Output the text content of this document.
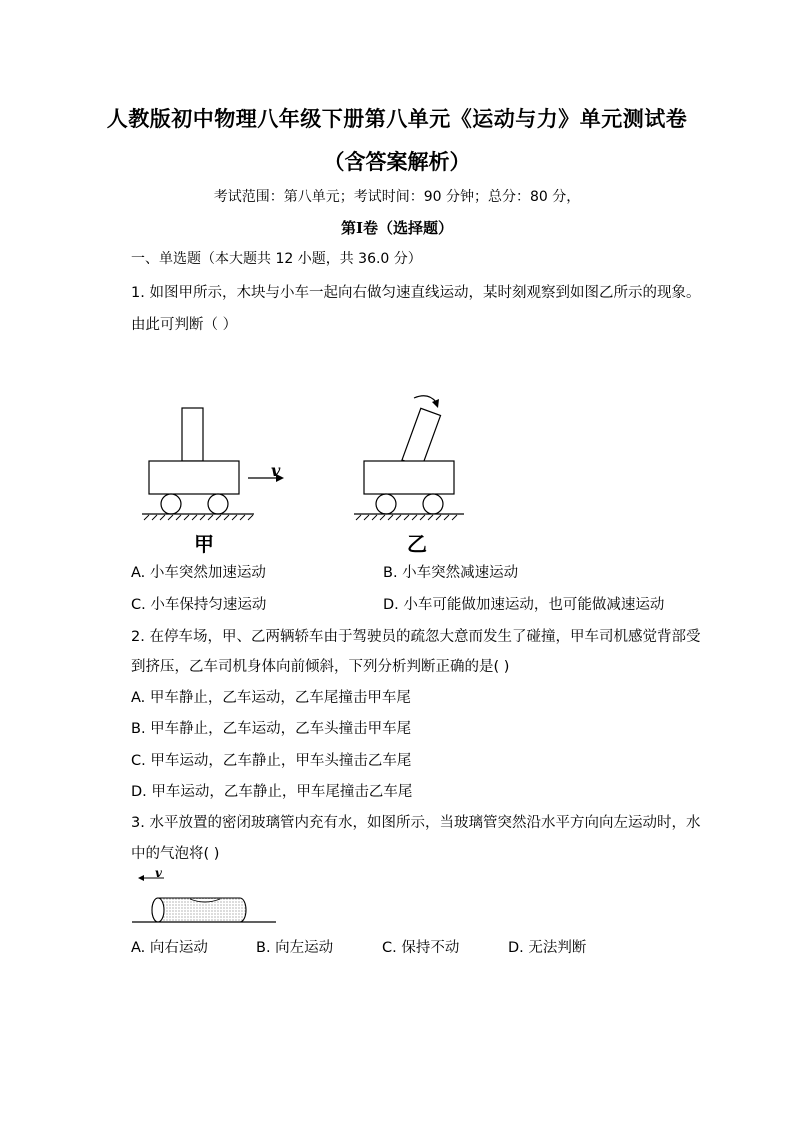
人教版初中物理八年级下册第八单元《运动与力》单元测试卷
（含答案解析）
考试范围：第八单元；考试时间：90 分钟；总分：80 分，
第Ⅰ卷（选择题）
一、单选题（本大题共 12 小题，共 36.0 分）
1. 如图甲所示，木块与小车一起向右做匀速直线运动，某时刻观察到如图乙所示的现象。
由此可判断（ ）
v
甲	乙
A. 小车突然加速运动	B. 小车突然减速运动
C. 小车保持匀速运动	D. 小车可能做加速运动，也可能做减速运动
2. 在停车场，甲、乙两辆轿车由于驾驶员的疏忽大意而发生了碰撞，甲车司机感觉背部受
到挤压，乙车司机身体向前倾斜，下列分析判断正确的是( )
A. 甲车静止，乙车运动，乙车尾撞击甲车尾
B. 甲车静止，乙车运动，乙车头撞击甲车尾
C. 甲车运动，乙车静止，甲车头撞击乙车尾
D. 甲车运动，乙车静止，甲车尾撞击乙车尾
3. 水平放置的密闭玻璃管内充有水，如图所示，当玻璃管突然沿水平方向向左运动时，水
中的气泡将( )
v
A. 向右运动	B. 向左运动	C. 保持不动	D. 无法判断
